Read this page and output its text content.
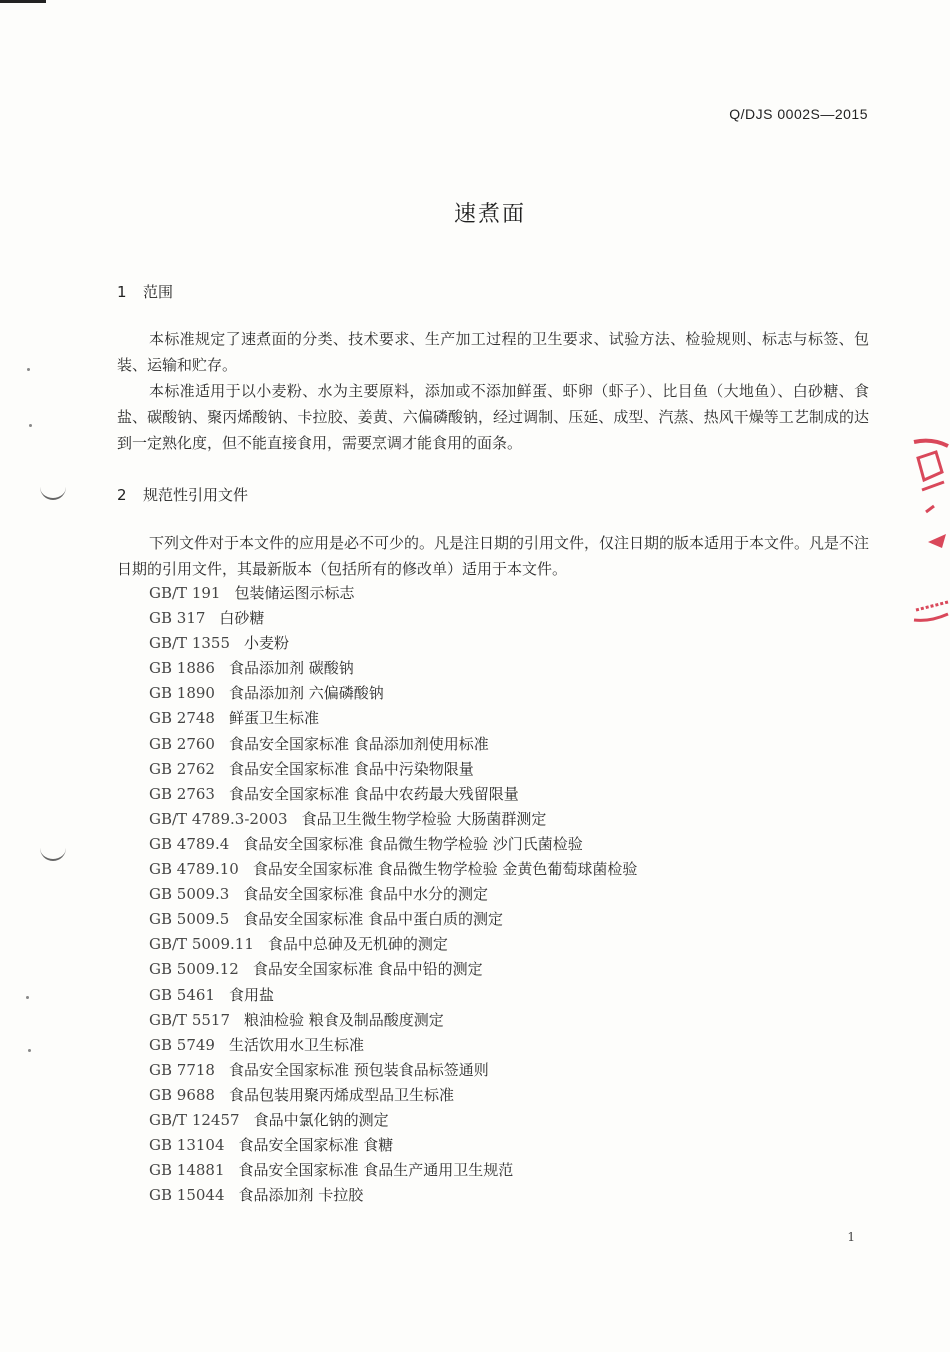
Q/DJS 0002S—2015
速煮面
1 范围

本标准规定了速煮面的分类、技术要求、生产加工过程的卫生要求、试验方法、检验规则、标志与标签、包装、运输和贮存。

本标准适用于以小麦粉、水为主要原料，添加或不添加鲜蛋、虾卵（虾子）、比目鱼（大地鱼）、白砂糖、食盐、碳酸钠、聚丙烯酸钠、卡拉胶、姜黄、六偏磷酸钠，经过调制、压延、成型、汽蒸、热风干燥等工艺制成的达到一定熟化度，但不能直接食用，需要烹调才能食用的面条。

2 规范性引用文件

下列文件对于本文件的应用是必不可少的。凡是注日期的引用文件，仅注日期的版本适用于本文件。凡是不注日期的引用文件，其最新版本（包括所有的修改单）适用于本文件。

GB/T 191 包装储运图示标志
GB 317 白砂糖
GB/T 1355 小麦粉
GB 1886 食品添加剂 碳酸钠
GB 1890 食品添加剂 六偏磷酸钠
GB 2748 鲜蛋卫生标准
GB 2760 食品安全国家标准 食品添加剂使用标准
GB 2762 食品安全国家标准 食品中污染物限量
GB 2763 食品安全国家标准 食品中农药最大残留限量
GB/T 4789.3-2003 食品卫生微生物学检验 大肠菌群测定
GB 4789.4 食品安全国家标准 食品微生物学检验 沙门氏菌检验
GB 4789.10 食品安全国家标准 食品微生物学检验 金黄色葡萄球菌检验
GB 5009.3 食品安全国家标准 食品中水分的测定
GB 5009.5 食品安全国家标准 食品中蛋白质的测定
GB/T 5009.11 食品中总砷及无机砷的测定
GB 5009.12 食品安全国家标准 食品中铅的测定
GB 5461 食用盐
GB/T 5517 粮油检验 粮食及制品酸度测定
GB 5749 生活饮用水卫生标准
GB 7718 食品安全国家标准 预包装食品标签通则
GB 9688 食品包装用聚丙烯成型品卫生标准
GB/T 12457 食品中氯化钠的测定
GB 13104 食品安全国家标准 食糖
GB 14881 食品安全国家标准 食品生产通用卫生规范
GB 15044 食品添加剂 卡拉胶
1
